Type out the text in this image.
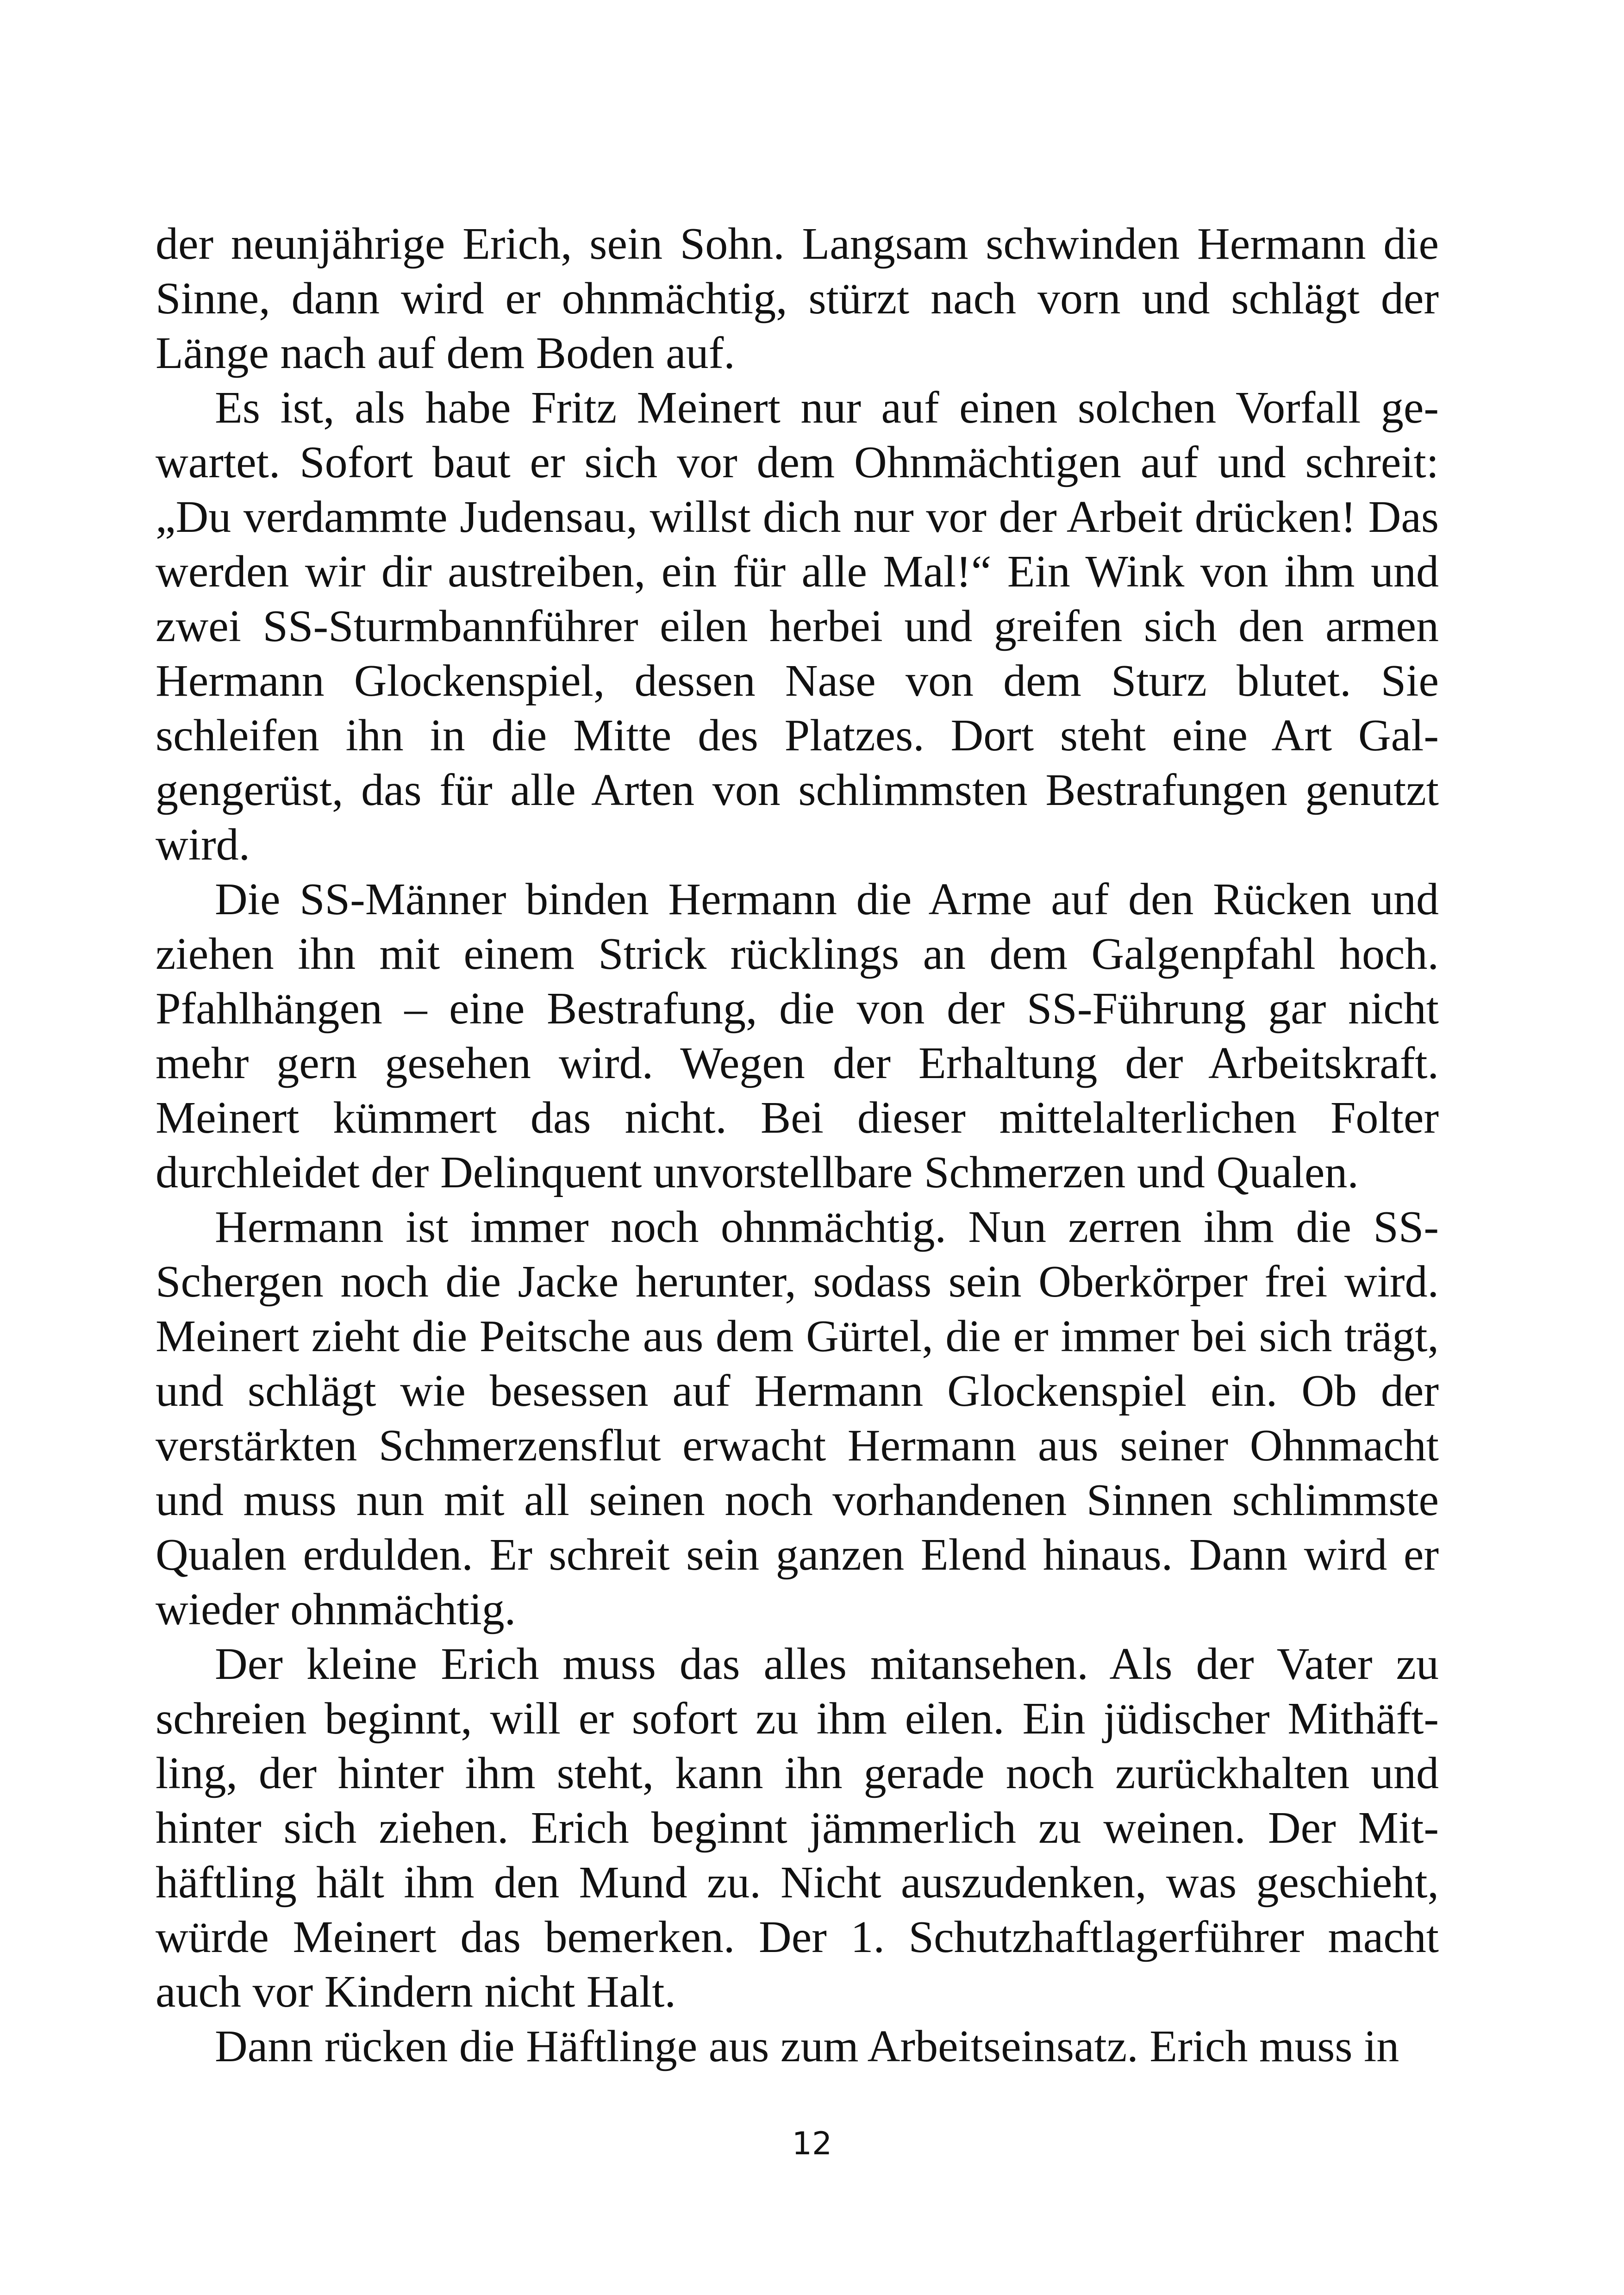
der neunjährige Erich, sein Sohn. Langsam schwinden Hermann die Sinne, dann wird er ohnmächtig, stürzt nach vorn und schlägt der Länge nach auf dem Boden auf.

Es ist, als habe Fritz Meinert nur auf einen solchen Vorfall gewartet. Sofort baut er sich vor dem Ohnmächtigen auf und schreit: „Du verdammte Judensau, willst dich nur vor der Arbeit drücken! Das werden wir dir austreiben, ein für alle Mal!“ Ein Wink von ihm und zwei SS-Sturmbannführer eilen herbei und greifen sich den armen Hermann Glockenspiel, dessen Nase von dem Sturz blutet. Sie schleifen ihn in die Mitte des Platzes. Dort steht eine Art Galgengerüst, das für alle Arten von schlimmsten Bestrafungen genutzt wird.

Die SS-Männer binden Hermann die Arme auf den Rücken und ziehen ihn mit einem Strick rücklings an dem Galgenpfahl hoch. Pfahlhängen – eine Bestrafung, die von der SS-Führung gar nicht mehr gern gesehen wird. Wegen der Erhaltung der Arbeitskraft. Meinert kümmert das nicht. Bei dieser mittelalterlichen Folter durchleidet der Delinquent unvorstellbare Schmerzen und Qualen.

Hermann ist immer noch ohnmächtig. Nun zerren ihm die SS-Schergen noch die Jacke herunter, sodass sein Oberkörper frei wird. Meinert zieht die Peitsche aus dem Gürtel, die er immer bei sich trägt, und schlägt wie besessen auf Hermann Glockenspiel ein. Ob der verstärkten Schmerzensflut erwacht Hermann aus seiner Ohnmacht und muss nun mit all seinen noch vorhandenen Sinnen schlimmste Qualen erdulden. Er schreit sein ganzen Elend hinaus. Dann wird er wieder ohnmächtig.

Der kleine Erich muss das alles mitansehen. Als der Vater zu schreien beginnt, will er sofort zu ihm eilen. Ein jüdischer Mithäftling, der hinter ihm steht, kann ihn gerade noch zurückhalten und hinter sich ziehen. Erich beginnt jämmerlich zu weinen. Der Mithäftling hält ihm den Mund zu. Nicht auszudenken, was geschieht, würde Meinert das bemerken. Der 1. Schutzhaftlagerführer macht auch vor Kindern nicht Halt.

Dann rücken die Häftlinge aus zum Arbeitseinsatz. Erich muss in

12
